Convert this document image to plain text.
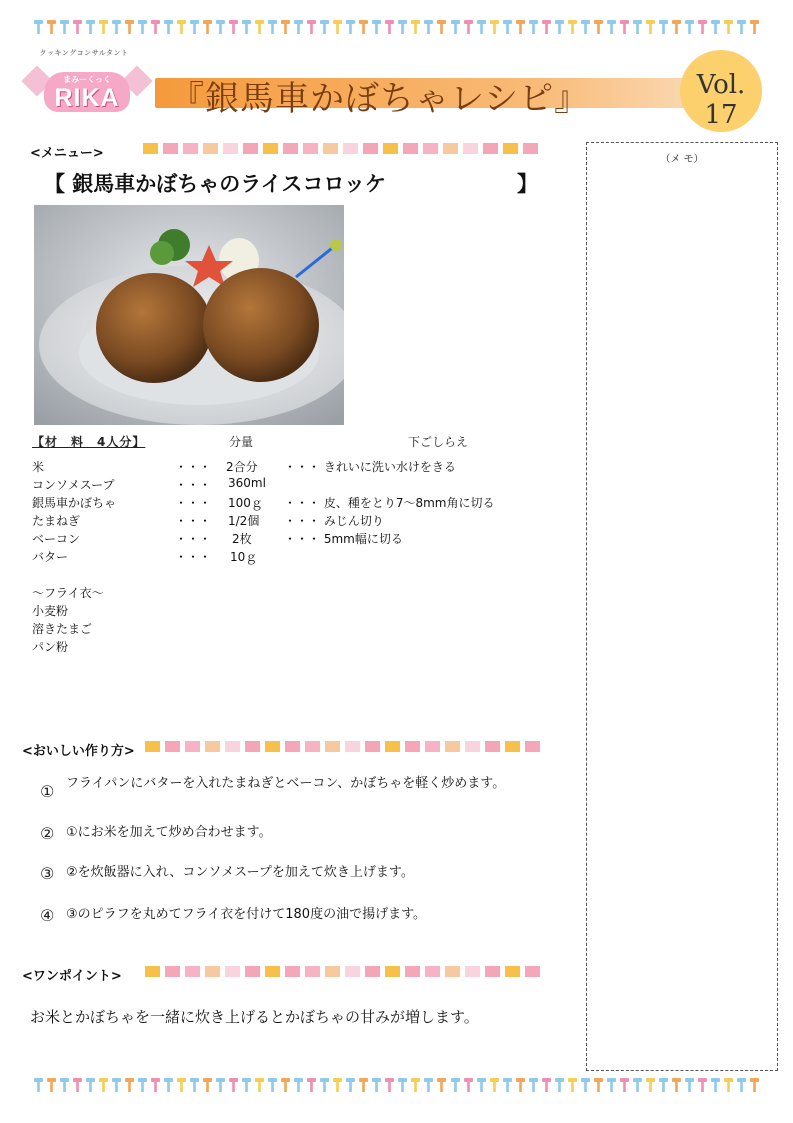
クッキングコンサルタント
まみーくっく
RIKA	『銀馬車かぼちゃレシピ』	Vol. 17
<メニュー>
【 銀馬車かぼちゃのライスコロッケ	】
【材　料　4人分】	分量	下ごしらえ
米	・・・ 2合分 ・・・ きれいに洗い水けをきる
コンソメスープ	・・・ 360ml
銀馬車かぼちゃ	・・・ 100ｇ ・・・ 皮、種をとり7～8mm角に切る
たまねぎ	・・・ 1/2個 ・・・ みじん切り
ベーコン	・・・ 2枚	・・・ 5mm幅に切る
バター	・・・ 10ｇ
～フライ衣～
小麦粉
溶きたまご
パン粉
<おいしい作り方>
① フライパンにバターを入れたまねぎとベーコン、かぼちゃを軽く炒めます。
② ①にお米を加えて炒め合わせます。
③ ②を炊飯器に入れ、コンソメスープを加えて炊き上げます。
④ ③のピラフを丸めてフライ衣を付けて180度の油で揚げます。
<ワンポイント>
お米とかぼちゃを一緒に炊き上げるとかぼちゃの甘みが増します。
（メ モ）
